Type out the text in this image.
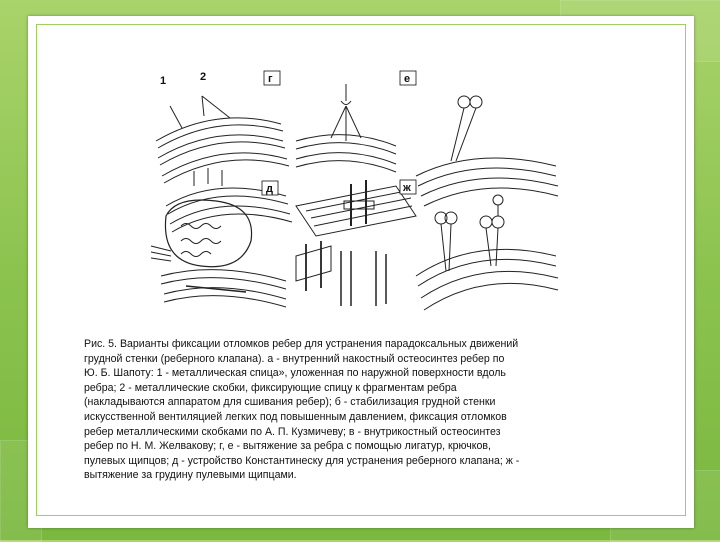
1	2	г	е
д	ж
Рис. 5. Варианты фиксации отломков ребер для устранения парадоксальных движений
грудной стенки (реберного клапана). а - внутренний накостный остеосинтез ребер по
Ю. Б. Шапоту: 1 - металлическая спица», уложенная по наружной поверхности вдоль
ребра; 2 - металлические скобки, фиксирующие спицу к фрагментам ребра
(накладываются аппаратом для сшивания ребер); б - стабилизация грудной стенки
искусственной вентиляцией легких под повышенным давлением, фиксация отломков
ребер металлическими скобками по А. П. Кузмичеву; в - внутрикостный остеосинтез
ребер по Н. М. Желвакову; г, е - вытяжение за ребра с помощью лигатур, крючков,
пулевых щипцов; д - устройство Константинеску для устранения реберного клапана; ж -
вытяжение за грудину пулевыми щипцами.
